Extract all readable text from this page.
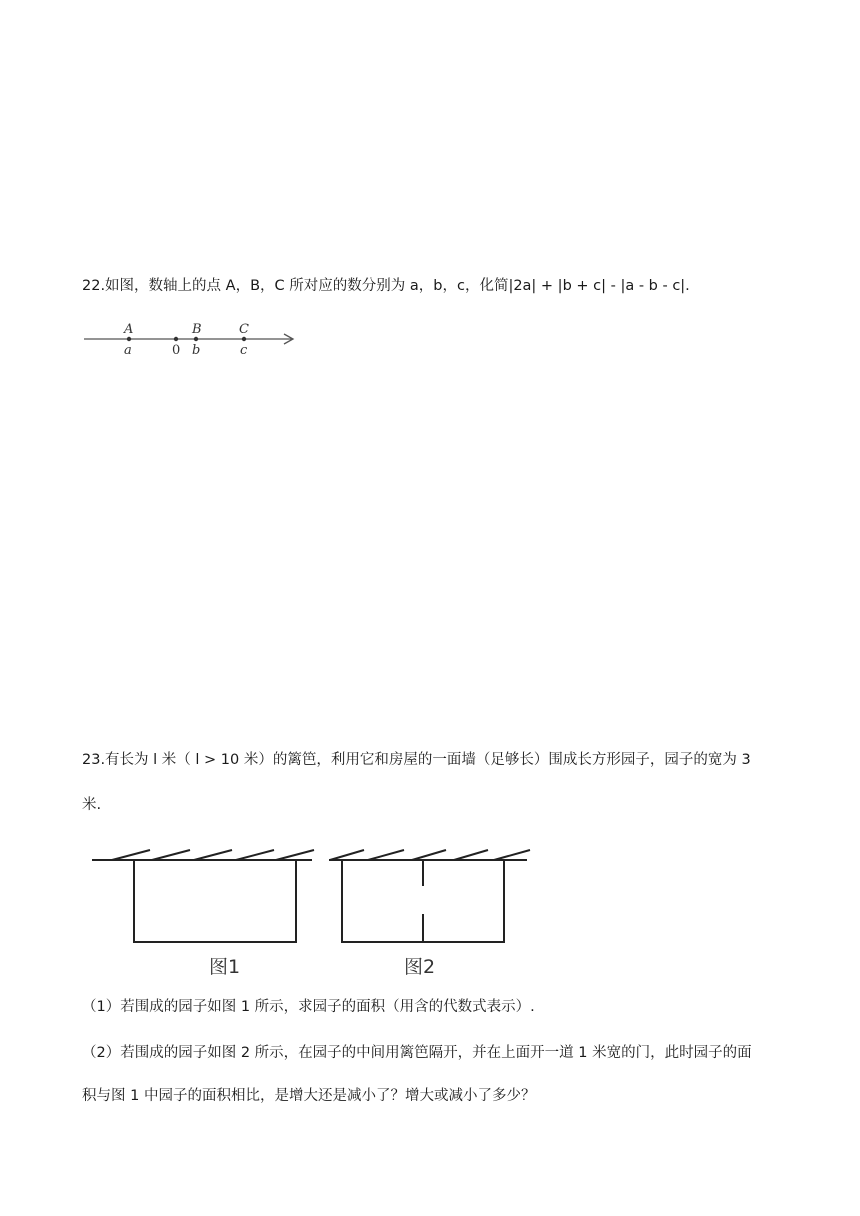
22.如图，数轴上的点 A，B，C 所对应的数分别为 a，b，c，化简|2a| + |b + c| - |a - b - c|.
A
a	0
B
b
C
c
23.有长为 l 米（ l > 10 米）的篱笆，利用它和房屋的一面墙（足够长）围成长方形园子，园子的宽为 3
米.
图1	图2
（1）若围成的园子如图 1 所示，求园子的面积（用含的代数式表示）.
（2）若围成的园子如图 2 所示，在园子的中间用篱笆隔开，并在上面开一道 1 米宽的门，此时园子的面
积与图 1 中园子的面积相比，是增大还是减小了？增大或减小了多少？
